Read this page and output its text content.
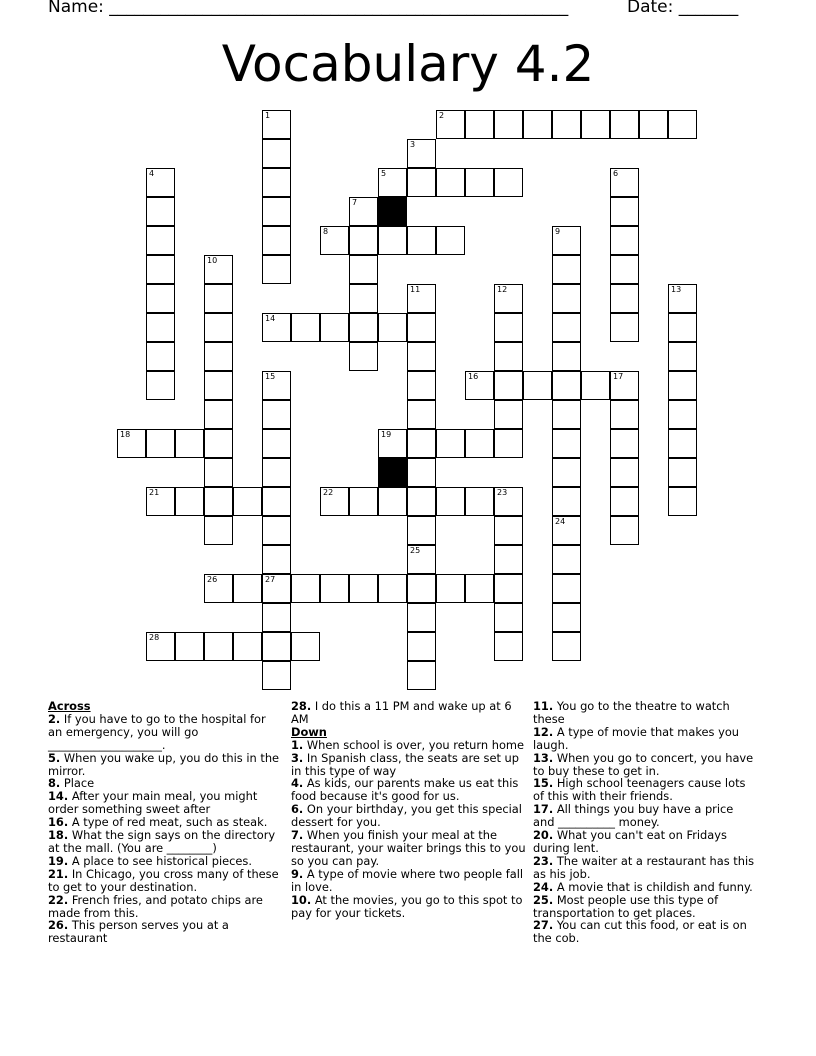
Name: ______________________________________________________	Date: _______
Vocabulary 4.2
2
5
8
14
16	17
18	19
21	22	23
26	27
28
1
3
4	6
7
9
24
10
11
25
12	13
15
Across

2. If you have to go to the hospital for an emergency, you will go ____________________.

5. When you wake up, you do this in the mirror.

8. Place

14. After your main meal, you might order something sweet after

16. A type of red meat, such as steak.

18. What the sign says on the directory at the mall. (You are ________)

19. A place to see historical pieces.

21. In Chicago, you cross many of these to get to your destination.

22. French fries, and potato chips are made from this.

26. This person serves you at a restaurant

28. I do this a 11 PM and wake up at 6 AM

Down

1. When school is over, you return home

3. In Spanish class, the seats are set up in this type of way

4. As kids, our parents make us eat this food because it's good for us.

6. On your birthday, you get this special dessert for you.

7. When you finish your meal at the restaurant, your waiter brings this to you so you can pay.

9. A type of movie where two people fall in love.

10. At the movies, you go to this spot to pay for your tickets.

11. You go to the theatre to watch these

12. A type of movie that makes you laugh.

13. When you go to concert, you have to buy these to get in.

15. High school teenagers cause lots of this with their friends.

17. All things you buy have a price and __________ money.

20. What you can't eat on Fridays during lent.

23. The waiter at a restaurant has this as his job.

24. A movie that is childish and funny.

25. Most people use this type of transportation to get places.

27. You can cut this food, or eat is on the cob.
